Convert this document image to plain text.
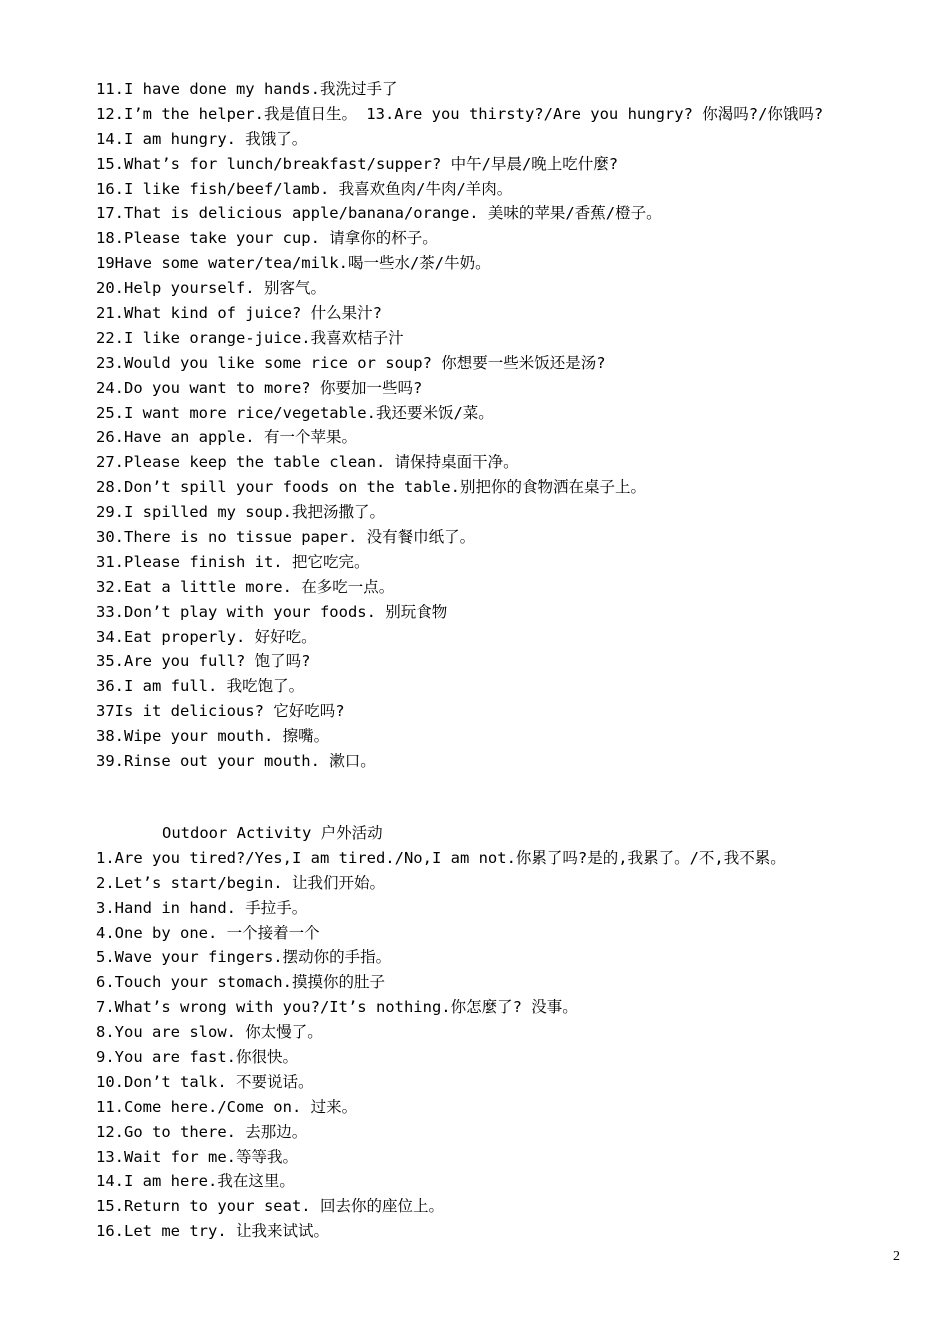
11.I have done my hands.我洗过手了
12.I’m the helper.我是值日生。 13.Are you thirsty?/Are you hungry? 你渴吗?/你饿吗?
14.I am hungry. 我饿了。
15.What’s for lunch/breakfast/supper? 中午/早晨/晚上吃什麼?
16.I like fish/beef/lamb. 我喜欢鱼肉/牛肉/羊肉。
17.That is delicious apple/banana/orange. 美味的苹果/香蕉/橙子。
18.Please take your cup. 请拿你的杯子。
19Have some water/tea/milk.喝一些水/茶/牛奶。
20.Help yourself. 别客气。
21.What kind of juice? 什么果汁?
22.I like orange-juice.我喜欢桔子汁
23.Would you like some rice or soup? 你想要一些米饭还是汤?
24.Do you want to more? 你要加一些吗?
25.I want more rice/vegetable.我还要米饭/菜。
26.Have an apple. 有一个苹果。
27.Please keep the table clean. 请保持桌面干净。
28.Don’t spill your foods on the table.别把你的食物洒在桌子上。
29.I spilled my soup.我把汤撒了。
30.There is no tissue paper. 没有餐巾纸了。
31.Please finish it. 把它吃完。
32.Eat a little more. 在多吃一点。
33.Don’t play with your foods. 别玩食物
34.Eat properly. 好好吃。
35.Are you full? 饱了吗?
36.I am full. 我吃饱了。
37Is it delicious? 它好吃吗?
38.Wipe your mouth. 擦嘴。
39.Rinse out your mouth. 漱口。
Outdoor Activity 户外活动
1.Are you tired?/Yes,I am tired./No,I am not.你累了吗?是的,我累了。/不,我不累。
2.Let’s start/begin. 让我们开始。
3.Hand in hand. 手拉手。
4.One by one. 一个接着一个
5.Wave your fingers.摆动你的手指。
6.Touch your stomach.摸摸你的肚子
7.What’s wrong with you?/It’s nothing.你怎麼了? 没事。
8.You are slow. 你太慢了。
9.You are fast.你很快。
10.Don’t talk. 不要说话。
11.Come here./Come on. 过来。
12.Go to there. 去那边。
13.Wait for me.等等我。
14.I am here.我在这里。
15.Return to your seat. 回去你的座位上。
16.Let me try. 让我来试试。
2
